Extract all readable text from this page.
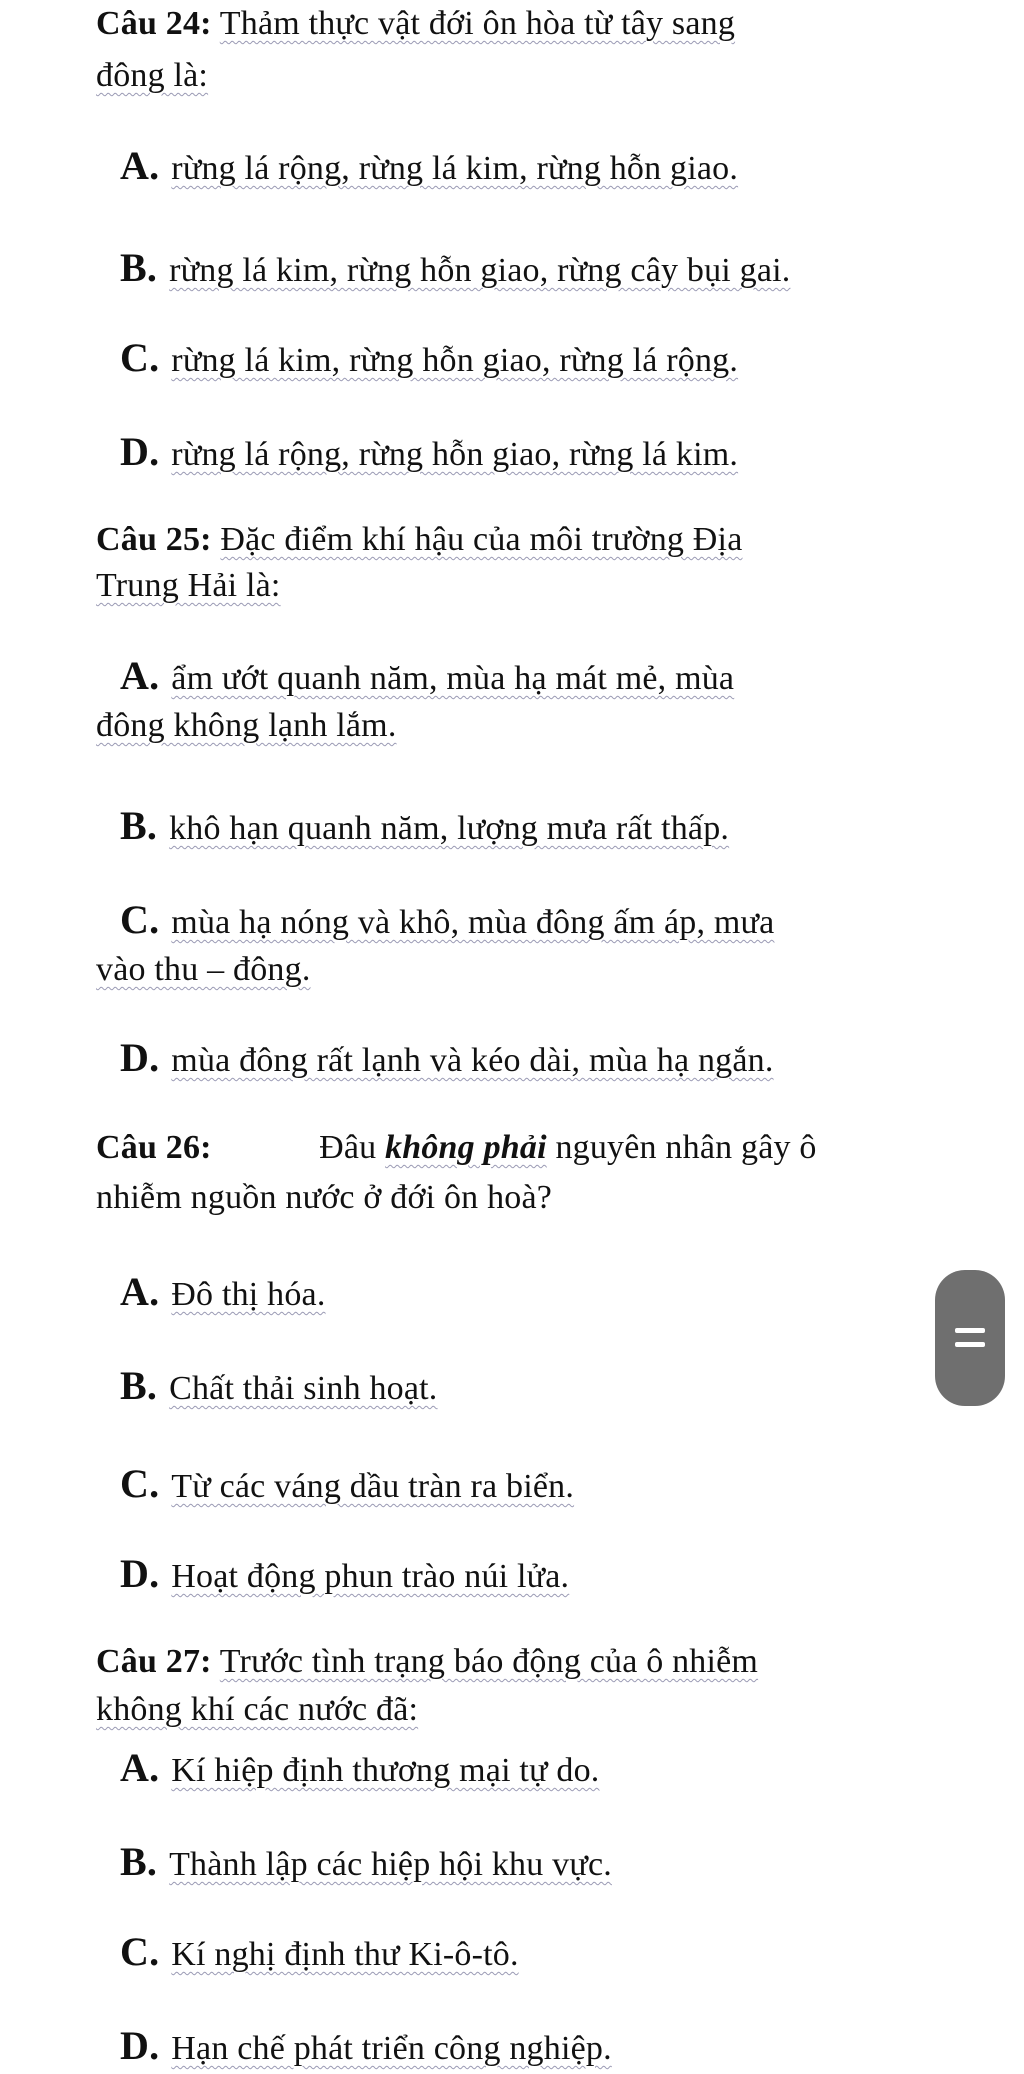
Câu 24: Thảm thực vật đới ôn hòa từ tây sang
đông là:
A. rừng lá rộng, rừng lá kim, rừng hỗn giao.
B. rừng lá kim, rừng hỗn giao, rừng cây bụi gai.
C. rừng lá kim, rừng hỗn giao, rừng lá rộng.
D. rừng lá rộng, rừng hỗn giao, rừng lá kim.
Câu 25: Đặc điểm khí hậu của môi trường Địa
Trung Hải là:
A. ẩm ướt quanh năm, mùa hạ mát mẻ, mùa
đông không lạnh lắm.
B. khô hạn quanh năm, lượng mưa rất thấp.
C. mùa hạ nóng và khô, mùa đông ấm áp, mưa
vào thu – đông.
D. mùa đông rất lạnh và kéo dài, mùa hạ ngắn.
Câu 26:	Đâu không phải nguyên nhân gây ô
nhiễm nguồn nước ở đới ôn hoà?
A. Đô thị hóa.
B. Chất thải sinh hoạt.
C. Từ các váng dầu tràn ra biển.
D. Hoạt động phun trào núi lửa.
Câu 27: Trước tình trạng báo động của ô nhiễm
không khí các nước đã:
A. Kí hiệp định thương mại tự do.
B. Thành lập các hiệp hội khu vực.
C. Kí nghị định thư Ki-ô-tô.
D. Hạn chế phát triển công nghiệp.
